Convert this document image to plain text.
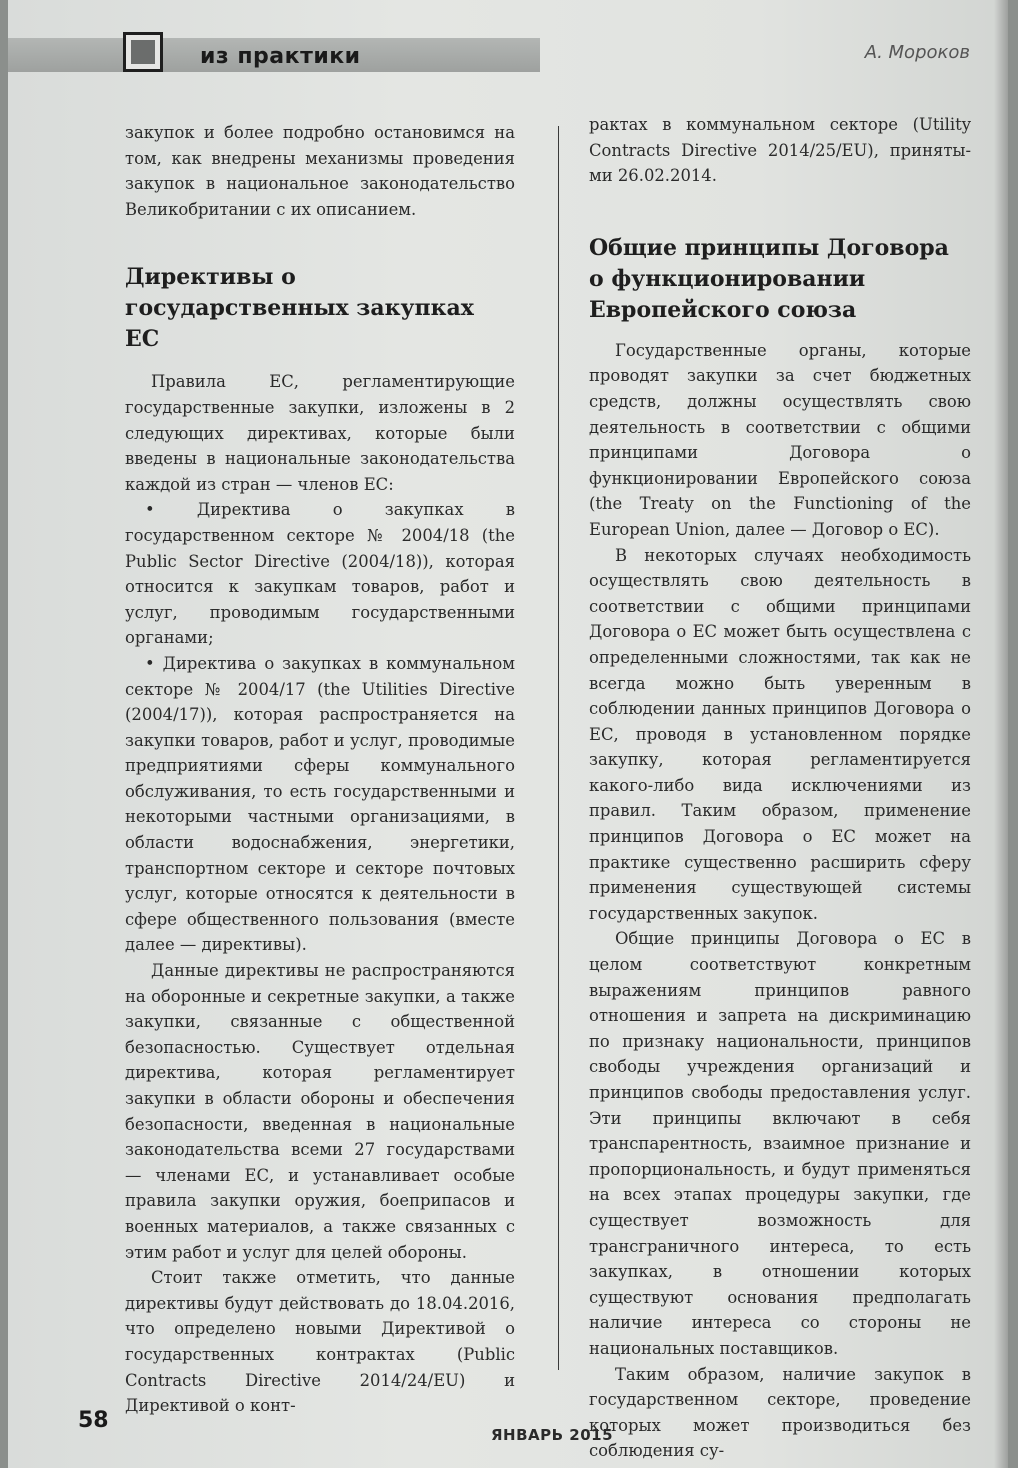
из практики	А. Мороков

закупок и более подробно остановимся на том, как внедрены механизмы проведения закупок в национальное законодательство Великобритании с их описанием.

Директивы о государственных закупках ЕС

Правила ЕС, регламентирующие государственные закупки, изложены в 2 следующих директивах, которые были введены в национальные законодательства каждой из стран — членов ЕС:

• Директива о закупках в государственном секторе № 2004/18 (the Public Sector Directive (2004/18)), которая относится к закупкам товаров, работ и услуг, проводимым государственными органами;

• Директива о закупках в коммунальном секторе № 2004/17 (the Utilities Directive (2004/17)), которая распространяется на закупки товаров, работ и услуг, проводимые предприятиями сферы коммунального обслуживания, то есть государственными и некоторыми частными организациями, в области водоснабжения, энергетики, транспортном секторе и секторе почтовых услуг, которые относятся к деятельности в сфере общественного пользования (вместе далее — директивы).

Данные директивы не распространяются на оборонные и секретные закупки, а также закупки, связанные с общественной безопасностью. Существует отдельная директива, которая регламентирует закупки в области обороны и обеспечения безопасности, введенная в национальные законодательства всеми 27 государствами — членами ЕС, и устанавливает особые правила закупки оружия, боеприпасов и военных материалов, а также связанных с этим работ и услуг для целей обороны.

Стоит также отметить, что данные директивы будут действовать до 18.04.2016, что определено новыми Директивой о государственных контрактах (Public Contracts Directive 2014/24/EU) и Директивой о конт-

рактах в коммунальном секторе (Utility Contracts Directive 2014/25/EU), приняты-ми 26.02.2014.

Общие принципы Договора о функционировании Европейского союза

Государственные органы, которые проводят закупки за счет бюджетных средств, должны осуществлять свою деятельность в соответствии с общими принципами Договора о функционировании Европейского союза (the Treaty on the Functioning of the European Union, далее — Договор о ЕС).

В некоторых случаях необходимость осуществлять свою деятельность в соответствии с общими принципами Договора о ЕС может быть осуществлена с определенными сложностями, так как не всегда можно быть уверенным в соблюдении данных принципов Договора о ЕС, проводя в установленном порядке закупку, которая регламентируется какого-либо вида исключениями из правил. Таким образом, применение принципов Договора о ЕС может на практике существенно расширить сферу применения существующей системы государственных закупок.

Общие принципы Договора о ЕС в целом соответствуют конкретным выражениям принципов равного отношения и запрета на дискриминацию по признаку национальности, принципов свободы учреждения организаций и принципов свободы предоставления услуг. Эти принципы включают в себя транспарентность, взаимное признание и пропорциональность, и будут применяться на всех этапах процедуры закупки, где существует возможность для трансграничного интереса, то есть закупках, в отношении которых существуют основания предполагать наличие интереса со стороны не национальных поставщиков.

Таким образом, наличие закупок в государственном секторе, проведение которых может производиться без соблюдения су-

58
ЯНВАРЬ 2015
